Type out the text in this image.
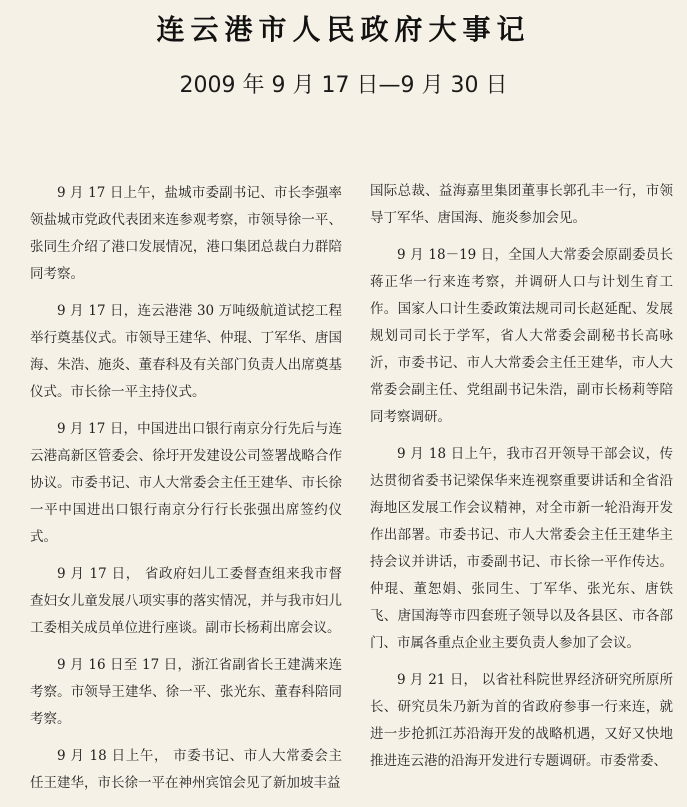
连云港市人民政府大事记
2009 年 9 月 17 日—9 月 30 日

9 月 17 日上午，盐城市委副书记、市长李强率领盐城市党政代表团来连参观考察，市领导徐一平、张同生介绍了港口发展情况，港口集团总裁白力群陪同考察。

9 月 17 日，连云港港 30 万吨级航道试挖工程举行奠基仪式。市领导王建华、仲琨、丁军华、唐国海、朱浩、施炎、董春科及有关部门负责人出席奠基仪式。市长徐一平主持仪式。

9 月 17 日，中国进出口银行南京分行先后与连云港高新区管委会、徐圩开发建设公司签署战略合作协议。市委书记、市人大常委会主任王建华、市长徐一平中国进出口银行南京分行行长张强出席签约仪式。

9 月 17 日， 省政府妇儿工委督查组来我市督查妇女儿童发展八项实事的落实情况，并与我市妇儿工委相关成员单位进行座谈。副市长杨莉出席会议。

9 月 16 日至 17 日，浙江省副省长王建满来连考察。市领导王建华、徐一平、张光东、董春科陪同考察。

9 月 18 日上午， 市委书记、市人大常委会主任王建华，市长徐一平在神州宾馆会见了新加坡丰益

国际总裁、益海嘉里集团董事长郭孔丰一行，市领导丁军华、唐国海、施炎参加会见。

9 月 18－19 日，全国人大常委会原副委员长蒋正华一行来连考察，并调研人口与计划生育工作。国家人口计生委政策法规司司长赵延配、发展规划司司长于学军，省人大常委会副秘书长高咏沂，市委书记、市人大常委会主任王建华，市人大常委会副主任、党组副书记朱浩，副市长杨莉等陪同考察调研。

9 月 18 日上午，我市召开领导干部会议，传达贯彻省委书记梁保华来连视察重要讲话和全省沿海地区发展工作会议精神，对全市新一轮沿海开发作出部署。市委书记、市人大常委会主任王建华主持会议并讲话，市委副书记、市长徐一平作传达。仲琨、董恕娟、张同生、丁军华、张光东、唐铁飞、唐国海等市四套班子领导以及各县区、市各部门、市属各重点企业主要负责人参加了会议。

9 月 21 日， 以省社科院世界经济研究所原所长、研究员朱乃新为首的省政府参事一行来连，就进一步抢抓江苏沿海开发的战略机遇，又好又快地推进连云港的沿海开发进行专题调研。市委常委、
